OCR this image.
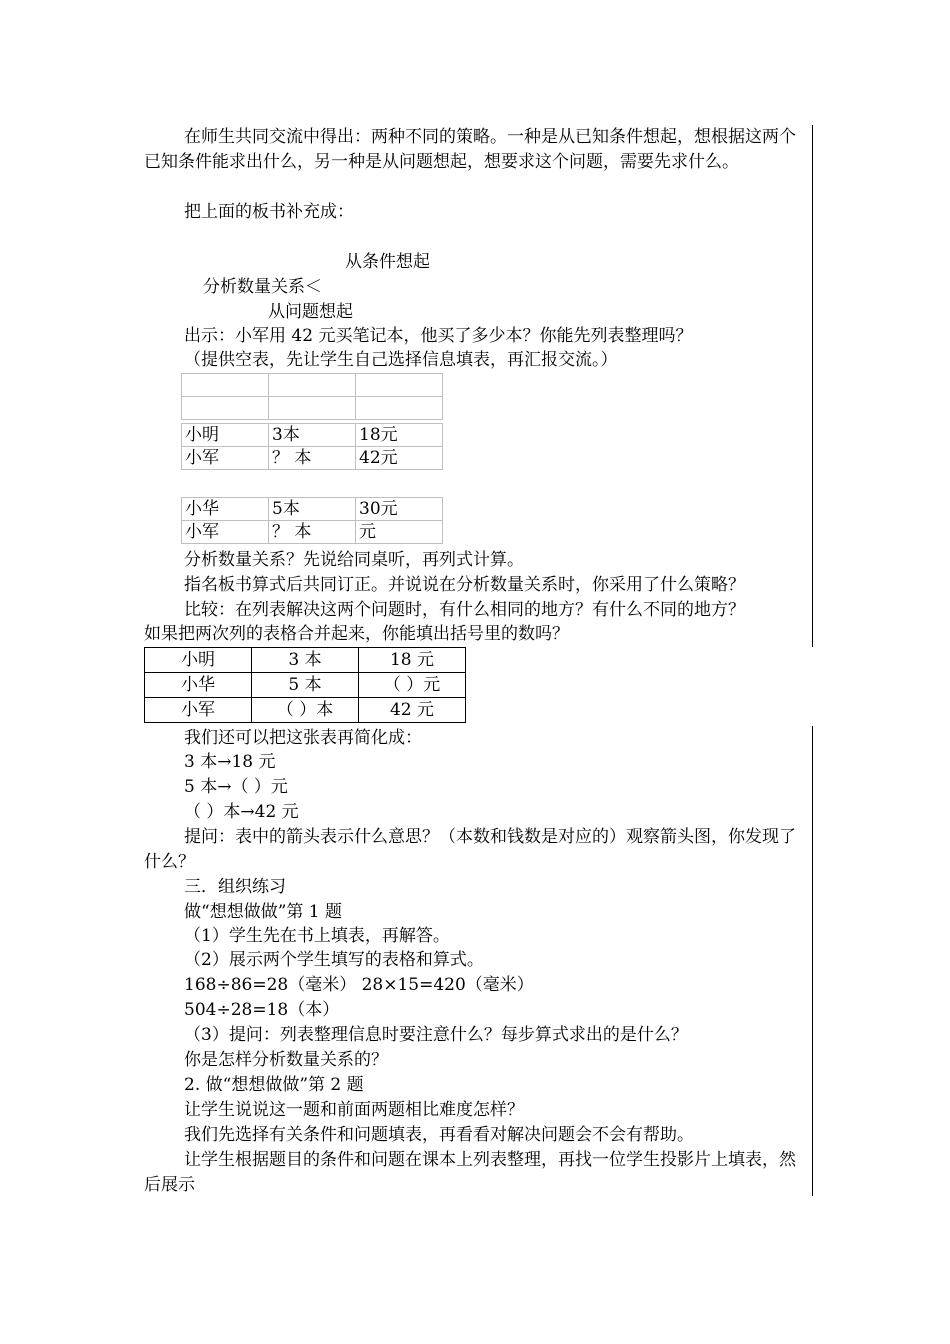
在师生共同交流中得出：两种不同的策略。一种是从已知条件想起，想根据这两个已知条件能求出什么，另一种是从问题想起，想要求这个问题，需要先求什么。
把上面的板书补充成：
从条件想起
分析数量关系＜
从问题想起
出示：小军用 42 元买笔记本，他买了多少本？你能先列表整理吗？
（提供空表，先让学生自己选择信息填表，再汇报交流。）

小明	3本	18元
小军	？ 本	42元
小华	5本	30元
小军	？ 本	元
分析数量关系？先说给同桌听，再列式计算。
指名板书算式后共同订正。并说说在分析数量关系时，你采用了什么策略？
比较：在列表解决这两个问题时，有什么相同的地方？有什么不同的地方？
如果把两次列的表格合并起来，你能填出括号里的数吗？
小明	3 本	18 元
小华	5 本	（ ）元
小军	（ ）本	42 元
我们还可以把这张表再简化成：
3 本→18 元
5 本→（ ）元
（ ）本→42 元
提问：表中的箭头表示什么意思？（本数和钱数是对应的）观察箭头图，你发现了什么？
三．组织练习
做“想想做做”第 1 题
（1）学生先在书上填表，再解答。
（2）展示两个学生填写的表格和算式。
168÷86=28（毫米） 28×15=420（毫米）
504÷28=18（本）
（3）提问：列表整理信息时要注意什么？每步算式求出的是什么？
你是怎样分析数量关系的？
2. 做“想想做做”第 2 题
让学生说说这一题和前面两题相比难度怎样？
我们先选择有关条件和问题填表，再看看对解决问题会不会有帮助。
让学生根据题目的条件和问题在课本上列表整理，再找一位学生投影片上填表，然后展示
